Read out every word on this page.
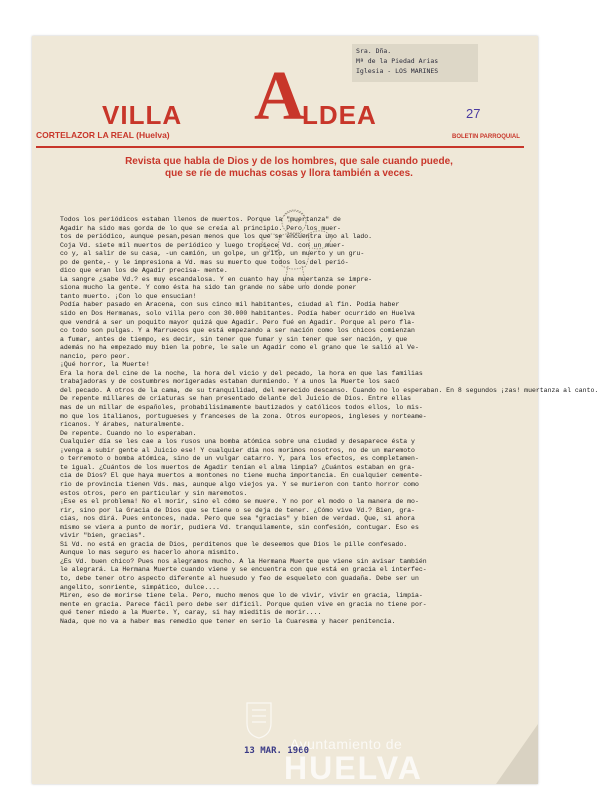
Sra. Dña.
Mª de la Piedad Arias
Iglesia - LOS MARINES
VILLA A
LDEA	27
CORTELAZOR LA REAL (Huelva)	BOLETIN PARROQUIAL
Revista que habla de Dios y de los hombres, que sale cuando puede,
que se ríe de muchas cosas y llora también a veces.
Todos los periódicos estaban llenos de muertos. Porque la "muertanza" de
Agadir ha sido mas gorda de lo que se creía al principio. Pero los muer-
tos de periódico, aunque pesan,pesan menos que los que se encuentra uno al lado.
Coja Vd. siete mil muertos de periódico y luego tropiece Vd. con un muer-
co y, al salir de su casa, -un camión, un golpe, un grito, un muerto y un gru-
po de gente,- y le impresiona a Vd. mas su muerto que todos los del perió-
dico que eran los de Agadir precisa- mente.
La sangre ¿sabe Vd.? es muy escandalosa. Y en cuanto hay una muertanza se impre-
siona mucho la gente. Y como ésta ha sido tan grande no sabe uno donde poner
tanto muerto. ¡Con lo que ensucian!
Podía haber pasado en Aracena, con sus cinco mil habitantes, ciudad al fin. Podía haber
sido en Dos Hermanas, solo villa pero con 30.000 habitantes. Podía haber ocurrido en Huelva
que vendrá a ser un poquito mayor quizá que Agadir. Pero fué en Agadir. Porque al pero fla-
co todo son pulgas. Y a Marruecos que está empezando a ser nación como los chicos comienzan
a fumar, antes de tiempo, es decir, sin tener que fumar y sin tener que ser nación, y que
además no ha empezado muy bien la pobre, le sale un Agadir como el grano que le salió al Ve-
nancio, pero peor.
¡Qué horror, la Muerte!
Era la hora del cine de la noche, la hora del vicio y del pecado, la hora en que las familias
trabajadoras y de costumbres morigeradas estaban durmiendo. Y a unos la Muerte los sacó
del pecado. A otros de la cama, de su tranquilidad, del merecido descanso. Cuando no lo esperaban. En 8 segundos ¡zas! muertanza al canto.
De repente millares de criaturas se han presentado delante del Juicio de Dios. Entre ellas
mas de un millar de españoles, probabilísimamente bautizados y católicos todos ellos, lo mis-
mo que los italianos, portugueses y franceses de la zona. Otros europeos, ingleses y norteame-
ricanos. Y árabes, naturalmente.
De repente. Cuando no lo esperaban.
Cualquier día se les cae a los rusos una bomba atómica sobre una ciudad y desaparece ésta y
¡venga a subir gente al Juicio ese! Y cualquier día nos morimos nosotros, no de un maremoto
o terremoto o bomba atómica, sino de un vulgar catarro. Y, para los efectos, es completamen-
te igual. ¿Cuántos de los muertos de Agadir tenían el alma limpia? ¿Cuántos estaban en gra-
cia de Dios? El que haya muertos a montones no tiene mucha importancia. En cualquier cemente-
rio de provincia tienen Vds. mas, aunque algo viejos ya. Y se murieron con tanto horror como
estos otros, pero en particular y sin maremotos.
¡Ese es el problema! No el morir, sino el cómo se muere. Y no por el modo o la manera de mo-
rir, sino por la Gracia de Dios que se tiene o se deja de tener. ¿Cómo vive Vd.? Bien, gra-
cias, nos dirá. Pues entonces, nada. Pero que sea "gracias" y bien de verdad. Que, si ahora
mismo se viera a punto de morir, pudiera Vd. tranquilamente, sin confesión, contugar. Eso es
vivir "bien, gracias".
Si Vd. no está en gracia de Dios, perdítenos que le deseemos que Dios le pille confesado.
Aunque lo mas seguro es hacerlo ahora mismito.
¿Es Vd. buen chico? Pues nos alegramos mucho. A la Hermana Muerte que viene sin avisar también
le alegrará. La Hermana Muerte cuando viene y se encuentra con que está en gracia el interfec-
to, debe tener otro aspecto diferente al huesudo y feo de esqueleto con guadaña. Debe ser un
angelito, sonriente, simpático, dulce....
Miren, eso de morirse tiene tela. Pero, mucho menos que lo de vivir, vivir en gracia, limpia-
mente en gracia. Parece fácil pero debe ser difícil. Porque quien vive en gracia no tiene por-
qué tener miedo a la Muerte. Y, caray, si hay mieditis de morir....
Nada, que no va a haber mas remedio que tener en serio la Cuaresma y hacer penitencia.
13 MAR. 1960
Ayuntamiento de
HUELVA
